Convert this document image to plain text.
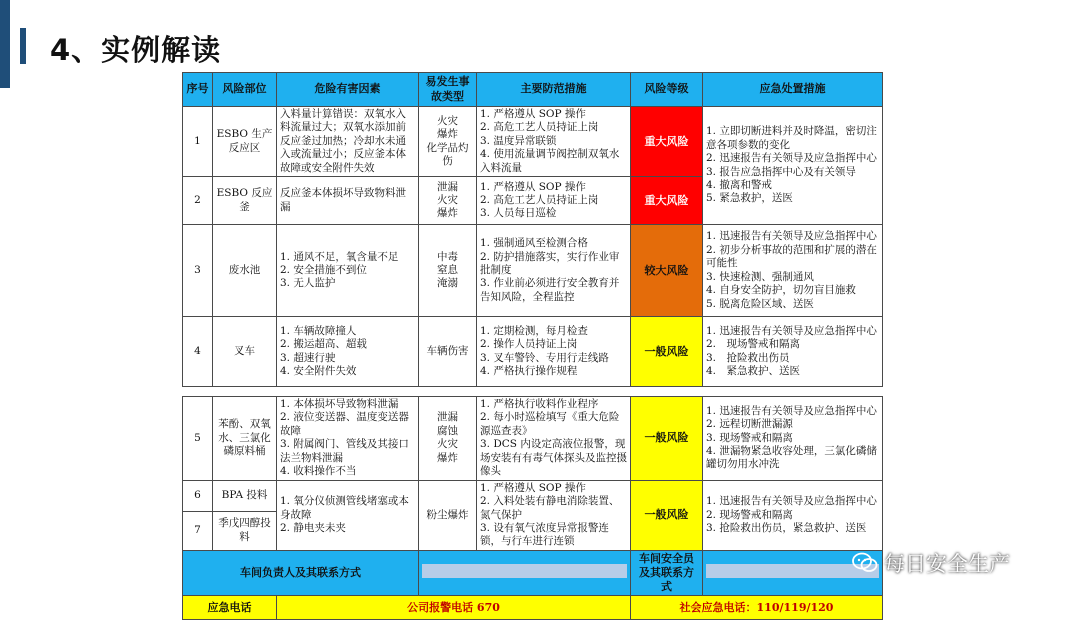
4、实例解读
序号	风险部位	危险有害因素	易发生事故类型	主要防范措施	风险等级	应急处置措施
1	ESBO 生产反应区	入料量计算错误：双氧水入料流量过大；双氧水添加前反应釜过加热；冷却水未通入或流量过小；反应釜本体故障或安全附件失效	火灾
爆炸
化学品灼伤	1. 严格遵从 SOP 操作
2. 高危工艺人员持证上岗
3. 温度异常联锁
4. 使用流量调节阀控制双氧水入料流量	重大风险	1. 立即切断进料并及时降温，密切注意各项参数的变化
2. 迅速报告有关领导及应急指挥中心
3. 报告应急指挥中心及有关领导
4. 撤离和警戒
5. 紧急救护，送医
2	ESBO 反应釜	反应釜本体损坏导致物料泄漏	泄漏
火灾
爆炸	1. 严格遵从 SOP 操作
2. 高危工艺人员持证上岗
3. 人员每日巡检	重大风险	
3	废水池	1. 通风不足，氧含量不足
2. 安全措施不到位
3. 无人监护	中毒
窒息
淹溺	1. 强制通风至检测合格
2. 防护措施落实，实行作业审批制度
3. 作业前必须进行安全教育并告知风险，全程监控	较大风险	1. 迅速报告有关领导及应急指挥中心
2. 初步分析事故的范围和扩展的潜在可能性
3. 快速检测、强制通风
4. 自身安全防护，切勿盲目施救
5. 脱离危险区域、送医
4	叉车	1. 车辆故障撞人
2. 搬运超高、超载
3. 超速行驶
4. 安全附件失效	车辆伤害	1. 定期检测，每月检查
2. 操作人员持证上岗
3. 叉车警铃、专用行走线路
4. 严格执行操作规程	一般风险	1. 迅速报告有关领导及应急指挥中心
2.　现场警戒和隔离
3.　抢险救出伤员
4.　紧急救护、送医
5	苯酚、双氧水、三氯化磷原料桶	1. 本体损坏导致物料泄漏
2. 液位变送器、温度变送器故障
3. 附属阀门、管线及其接口法兰物料泄漏
4. 收料操作不当	泄漏
腐蚀
火灾
爆炸	1. 严格执行收料作业程序
2. 每小时巡检填写《重大危险源巡查表》
3. DCS 内设定高液位报警，现场安装有有毒气体探头及监控摄像头	一般风险	1. 迅速报告有关领导及应急指挥中心
2. 远程切断泄漏源
3. 现场警戒和隔离
4. 泄漏物紧急收容处理，三氯化磷储罐切勿用水冲洗
6	BPA 投料	1. 氧分仪侦测管线堵塞或本身故障
2. 静电夹未夹	粉尘爆炸	1. 严格遵从 SOP 操作
2. 入料处装有静电消除装置、氮气保护
3. 设有氧气浓度异常报警连锁，与行车进行连锁	一般风险	1. 迅速报告有关领导及应急指挥中心
2. 现场警戒和隔离
3. 抢险救出伤员，紧急救护、送医
7	季戊四醇投料					
车间负责人及其联系方式					车间安全员及其联系方式	
应急电话		公司报警电话 670			社会应急电话：110/119/120	
每日安全生产
